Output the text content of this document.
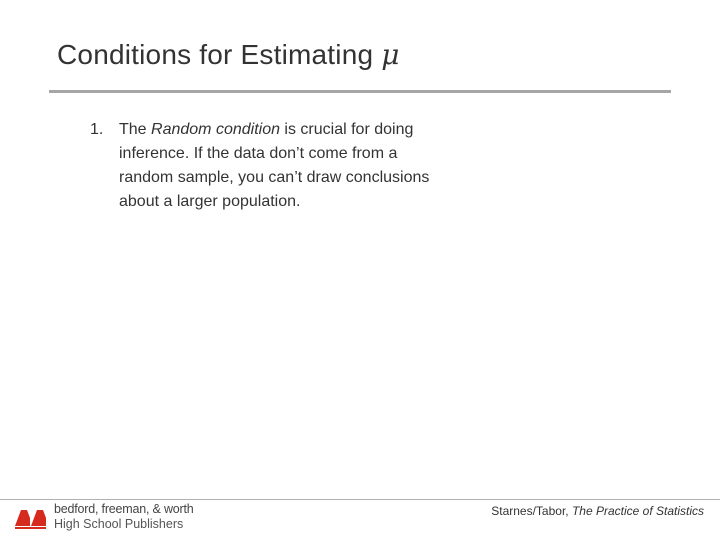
Conditions for Estimating μ
1. The Random condition is crucial for doing inference. If the data don’t come from a random sample, you can’t draw conclusions about a larger population.
bedford, freeman, & worth
High School Publishers
Starnes/Tabor, The Practice of Statistics
